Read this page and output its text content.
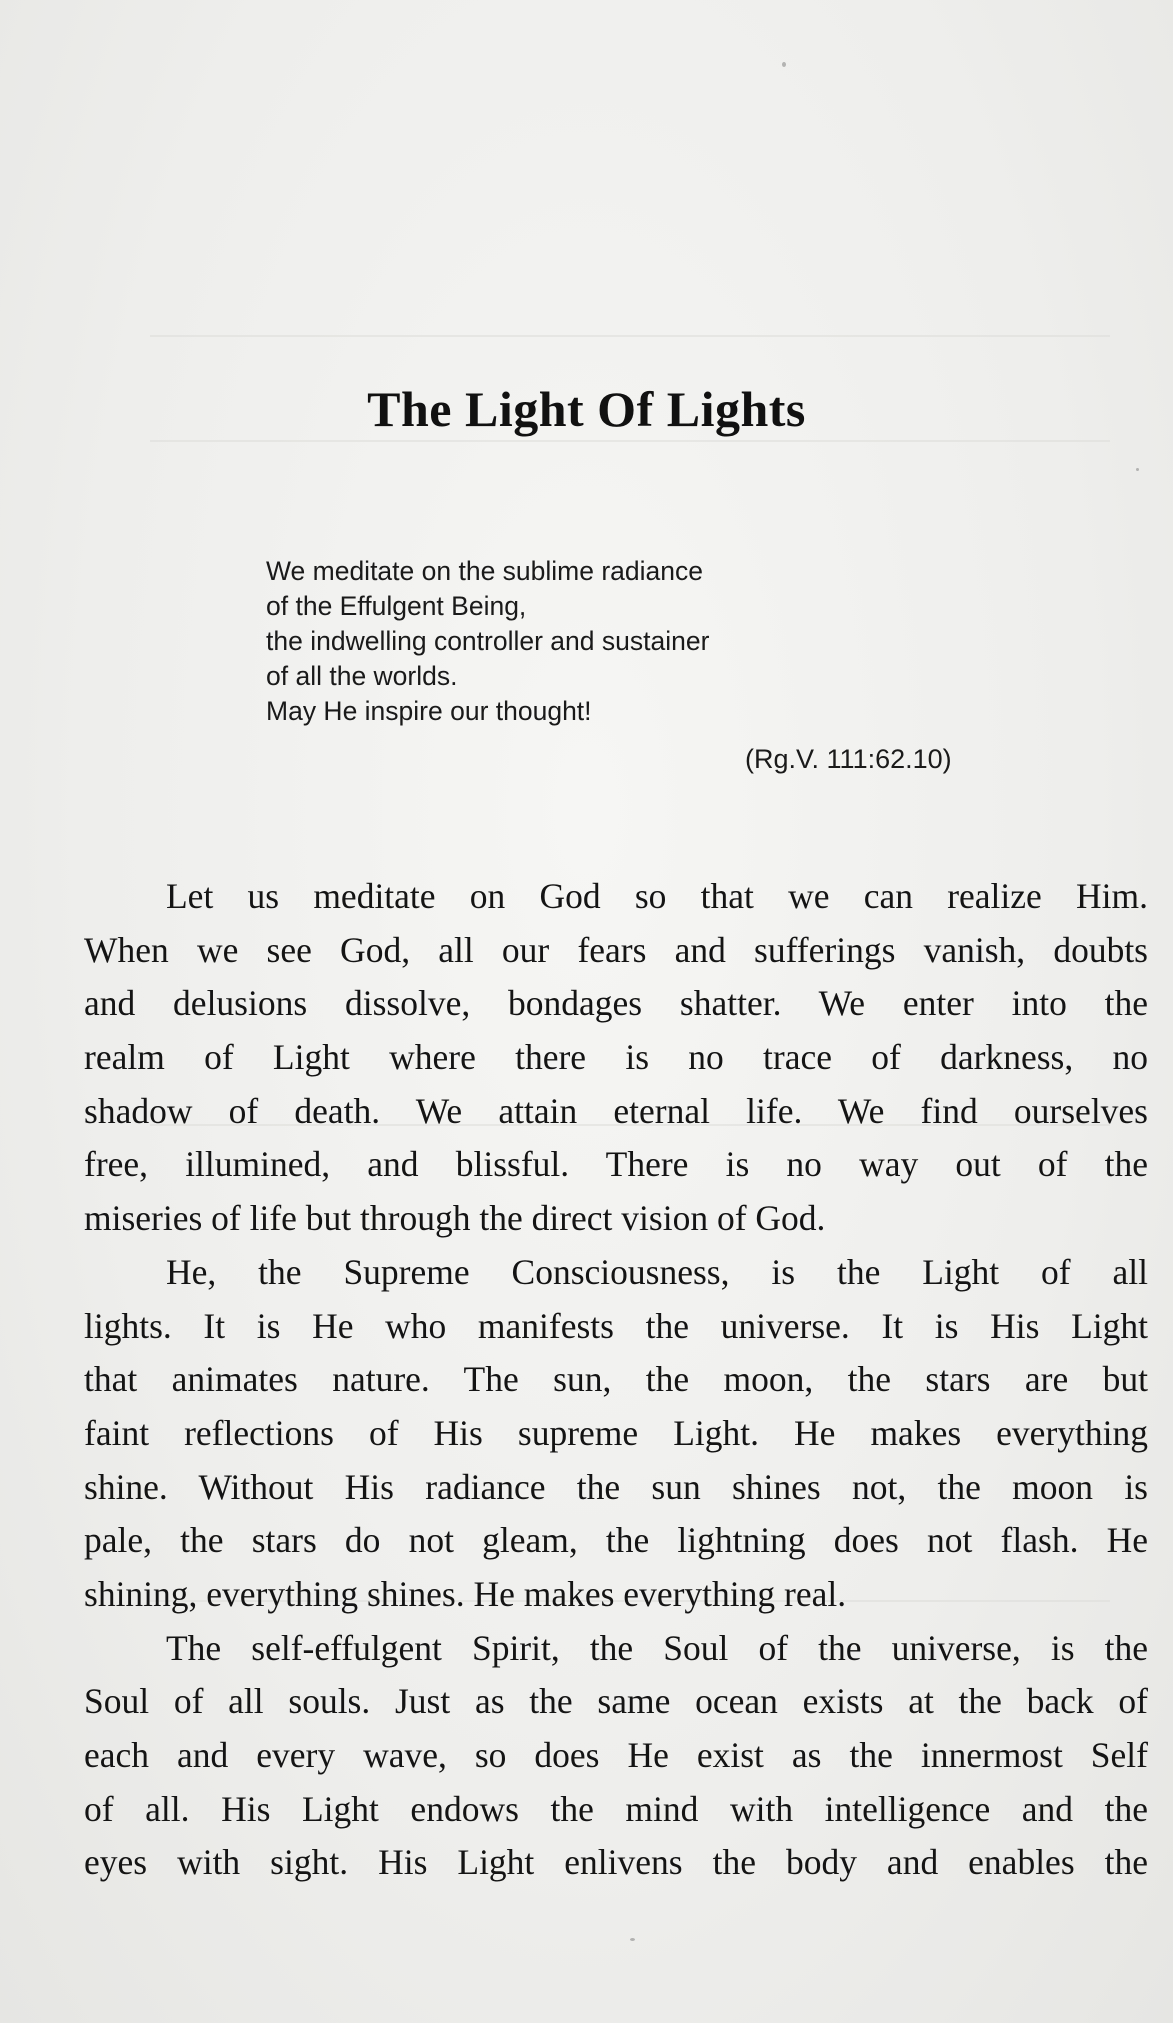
The Light Of Lights
We meditate on the sublime radiance
of the Effulgent Being,
the indwelling controller and sustainer
of all the worlds.
May He inspire our thought!
(Rg.V. 111:62.10)
Let us meditate on God so that we can realize Him.
When we see God, all our fears and sufferings vanish, doubts
and delusions dissolve, bondages shatter. We enter into the
realm of Light where there is no trace of darkness, no
shadow of death. We attain eternal life. We find ourselves
free, illumined, and blissful. There is no way out of the
miseries of life but through the direct vision of God.
He, the Supreme Consciousness, is the Light of all
lights. It is He who manifests the universe. It is His Light
that animates nature. The sun, the moon, the stars are but
faint reflections of His supreme Light. He makes everything
shine. Without His radiance the sun shines not, the moon is
pale, the stars do not gleam, the lightning does not flash. He
shining, everything shines. He makes everything real.
The self-effulgent Spirit, the Soul of the universe, is the
Soul of all souls. Just as the same ocean exists at the back of
each and every wave, so does He exist as the innermost Self
of all. His Light endows the mind with intelligence and the
eyes with sight. His Light enlivens the body and enables the
